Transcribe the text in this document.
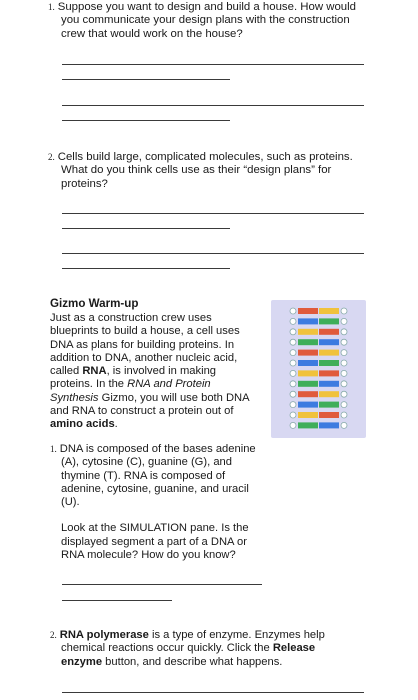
1. Suppose you want to design and build a house. How would
you communicate your design plans with the construction
crew that would work on the house?
2. Cells build large, complicated molecules, such as proteins.
What do you think cells use as their “design plans” for
proteins?
Gizmo Warm-up
Just as a construction crew uses
blueprints to build a house, a cell uses
DNA as plans for building proteins. In
addition to DNA, another nucleic acid,
called RNA, is involved in making
proteins. In the RNA and Protein
Synthesis Gizmo, you will use both DNA
and RNA to construct a protein out of
amino acids.
1. DNA is composed of the bases adenine
(A), cytosine (C), guanine (G), and
thymine (T). RNA is composed of
adenine, cytosine, guanine, and uracil
(U).
Look at the SIMULATION pane. Is the
displayed segment a part of a DNA or
RNA molecule? How do you know?
2. RNA polymerase is a type of enzyme. Enzymes help
chemical reactions occur quickly. Click the Release
enzyme button, and describe what happens.
